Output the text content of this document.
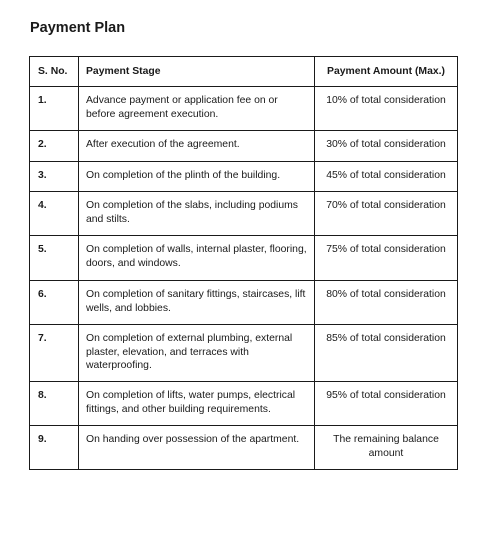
Payment Plan
S. No.	Payment Stage	Payment Amount (Max.)

1.	Advance payment or application fee on or before agreement execution.	10% of total consideration

2.	After execution of the agreement.	30% of total consideration

3.	On completion of the plinth of the building.	45% of total consideration

4.	On completion of the slabs, including podiums and stilts.	70% of total consideration

5.	On completion of walls, internal plaster, flooring, doors, and windows.	75% of total consideration

6.	On completion of sanitary fittings, staircases, lift wells, and lobbies.	80% of total consideration

7.	On completion of external plumbing, external plaster, elevation, and terraces with waterproofing.	85% of total consideration

8.	On completion of lifts, water pumps, electrical fittings, and other building requirements.	95% of total consideration

9.	On handing over possession of the apartment.	The remaining balance amount
